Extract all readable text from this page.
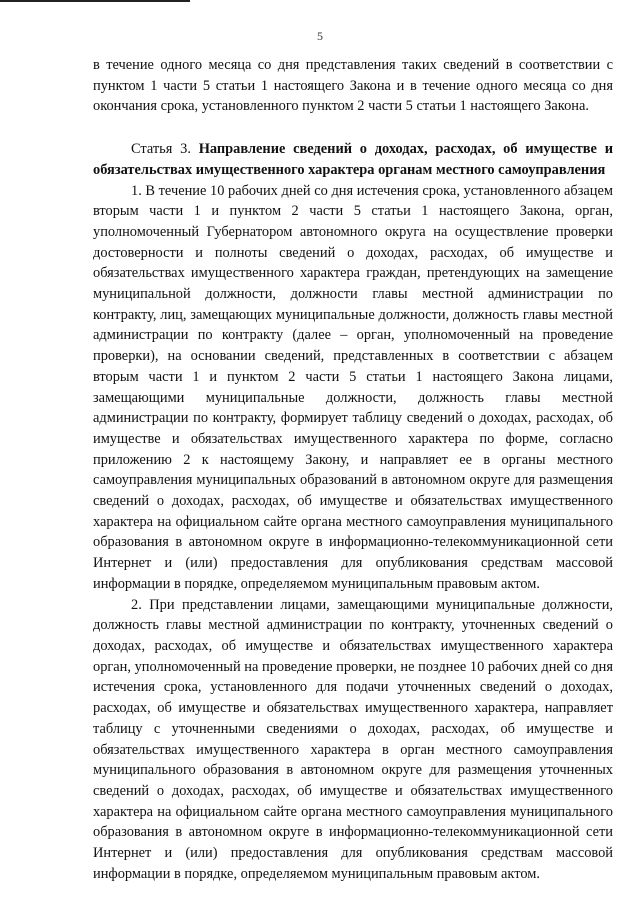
5

в течение одного месяца со дня представления таких сведений в соответствии с пунктом 1 части 5 статьи 1 настоящего Закона и в течение одного месяца со дня окончания срока, установленного пунктом 2 части 5 статьи 1 настоящего Закона.

Статья 3. Направление сведений о доходах, расходах, об имуществе и обязательствах имущественного характера органам местного самоуправления

1. В течение 10 рабочих дней со дня истечения срока, установленного абзацем вторым части 1 и пунктом 2 части 5 статьи 1 настоящего Закона, орган, уполномоченный Губернатором автономного округа на осуществление проверки достоверности и полноты сведений о доходах, расходах, об имуществе и обязательствах имущественного характера граждан, претендующих на замещение муниципальной должности, должности главы местной администрации по контракту, лиц, замещающих муниципальные должности, должность главы местной администрации по контракту (далее – орган, уполномоченный на проведение проверки), на основании сведений, представленных в соответствии с абзацем вторым части 1 и пунктом 2 части 5 статьи 1 настоящего Закона лицами, замещающими муниципальные должности, должность главы местной администрации по контракту, формирует таблицу сведений о доходах, расходах, об имуществе и обязательствах имущественного характера по форме, согласно приложению 2 к настоящему Закону, и направляет ее в органы местного самоуправления муниципальных образований в автономном округе для размещения сведений о доходах, расходах, об имуществе и обязательствах имущественного характера на официальном сайте органа местного самоуправления муниципального образования в автономном округе в информационно-телекоммуникационной сети Интернет и (или) предоставления для опубликования средствам массовой информации в порядке, определяемом муниципальным правовым актом.

2. При представлении лицами, замещающими муниципальные должности, должность главы местной администрации по контракту, уточненных сведений о доходах, расходах, об имуществе и обязательствах имущественного характера орган, уполномоченный на проведение проверки, не позднее 10 рабочих дней со дня истечения срока, установленного для подачи уточненных сведений о доходах, расходах, об имуществе и обязательствах имущественного характера, направляет таблицу с уточненными сведениями о доходах, расходах, об имуществе и обязательствах имущественного характера в орган местного самоуправления муниципального образования в автономном округе для размещения уточненных сведений о доходах, расходах, об имуществе и обязательствах имущественного характера на официальном сайте органа местного самоуправления муниципального образования в автономном округе в информационно-телекоммуникационной сети Интернет и (или) предоставления для опубликования средствам массовой информации в порядке, определяемом муниципальным правовым актом.
